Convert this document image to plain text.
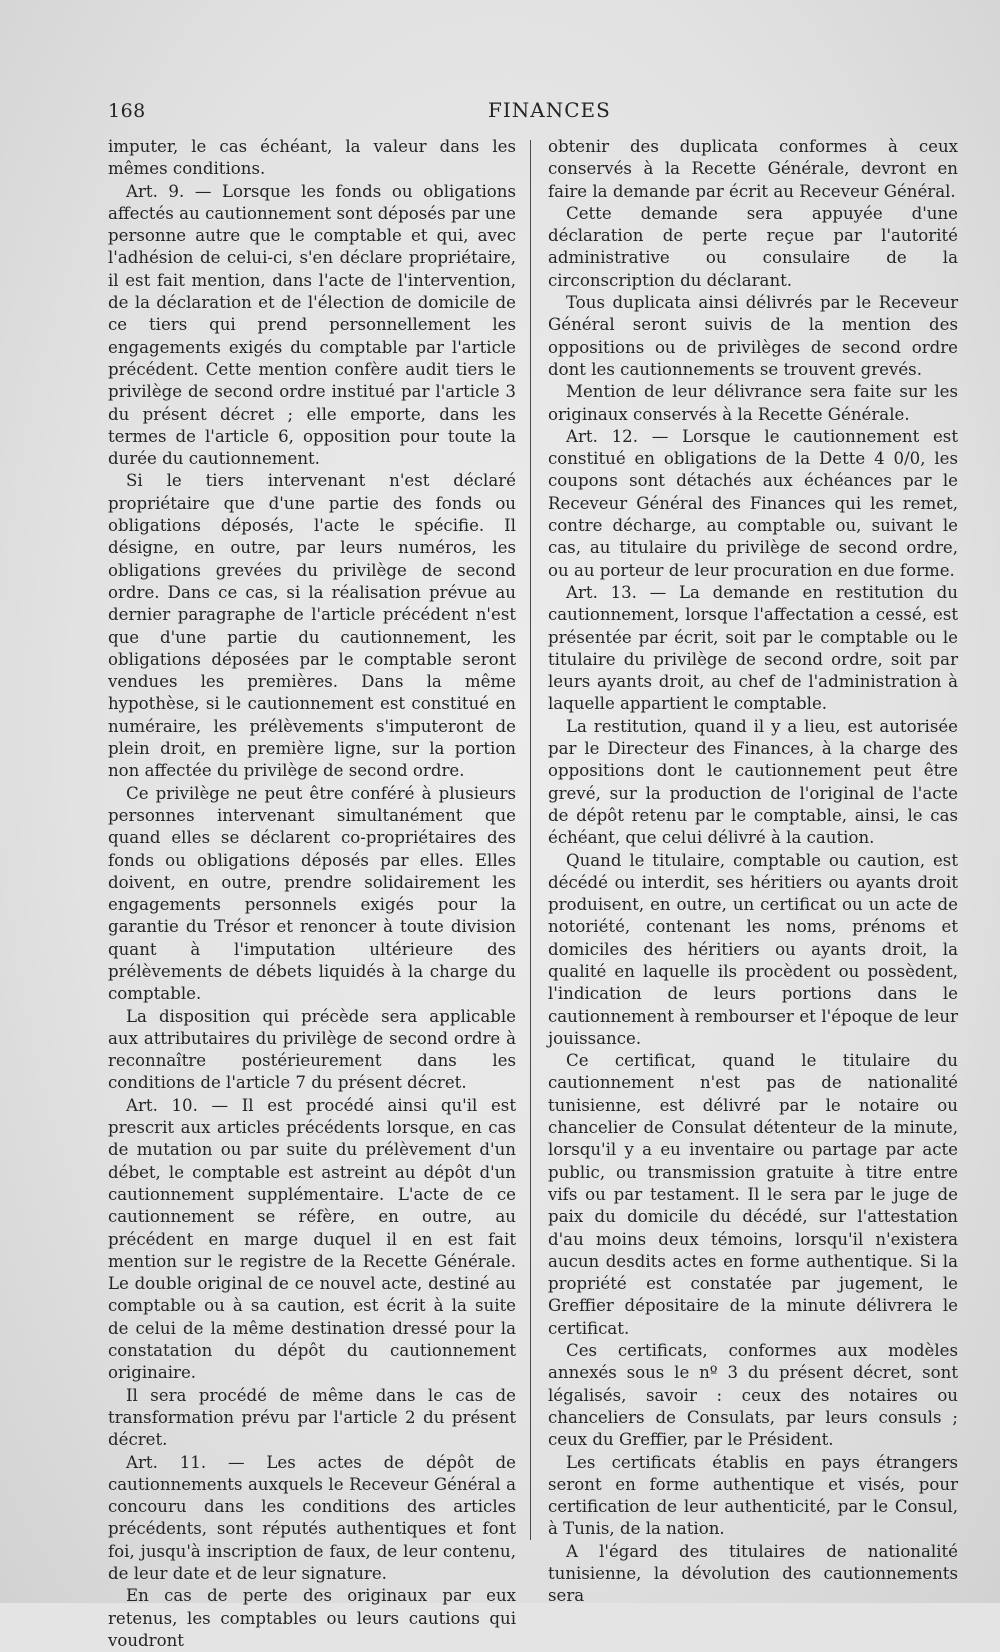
168	FINANCES

imputer, le cas échéant, la valeur dans les mêmes conditions.

Art. 9. — Lorsque les fonds ou obligations affectés au cautionnement sont déposés par une personne autre que le comptable et qui, avec l'adhésion de celui-ci, s'en déclare propriétaire, il est fait mention, dans l'acte de l'intervention, de la déclaration et de l'élection de domicile de ce tiers qui prend personnellement les engagements exigés du comptable par l'article précédent. Cette mention confère audit tiers le privilège de second ordre institué par l'article 3 du présent décret ; elle emporte, dans les termes de l'article 6, opposition pour toute la durée du cautionnement.

Si le tiers intervenant n'est déclaré propriétaire que d'une partie des fonds ou obligations déposés, l'acte le spécifie. Il désigne, en outre, par leurs numéros, les obligations grevées du privilège de second ordre. Dans ce cas, si la réalisation prévue au dernier paragraphe de l'article précédent n'est que d'une partie du cautionnement, les obligations déposées par le comptable seront vendues les premières. Dans la même hypothèse, si le cautionnement est constitué en numéraire, les prélèvements s'imputeront de plein droit, en première ligne, sur la portion non affectée du privilège de second ordre.

Ce privilège ne peut être conféré à plusieurs personnes intervenant simultanément que quand elles se déclarent co-propriétaires des fonds ou obligations déposés par elles. Elles doivent, en outre, prendre solidairement les engagements personnels exigés pour la garantie du Trésor et renoncer à toute division quant à l'imputation ultérieure des prélèvements de débets liquidés à la charge du comptable.

La disposition qui précède sera applicable aux attributaires du privilège de second ordre à reconnaître postérieurement dans les conditions de l'article 7 du présent décret.

Art. 10. — Il est procédé ainsi qu'il est prescrit aux articles précédents lorsque, en cas de mutation ou par suite du prélèvement d'un débet, le comptable est astreint au dépôt d'un cautionnement supplémentaire. L'acte de ce cautionnement se réfère, en outre, au précédent en marge duquel il en est fait mention sur le registre de la Recette Générale. Le double original de ce nouvel acte, destiné au comptable ou à sa caution, est écrit à la suite de celui de la même destination dressé pour la constatation du dépôt du cautionnement originaire.

Il sera procédé de même dans le cas de transformation prévu par l'article 2 du présent décret.

Art. 11. — Les actes de dépôt de cautionnements auxquels le Receveur Général a concouru dans les conditions des articles précédents, sont réputés authentiques et font foi, jusqu'à inscription de faux, de leur contenu, de leur date et de leur signature.

En cas de perte des originaux par eux retenus, les comptables ou leurs cautions qui voudront

obtenir des duplicata conformes à ceux conservés à la Recette Générale, devront en faire la demande par écrit au Receveur Général.

Cette demande sera appuyée d'une déclaration de perte reçue par l'autorité administrative ou consulaire de la circonscription du déclarant.

Tous duplicata ainsi délivrés par le Receveur Général seront suivis de la mention des oppositions ou de privilèges de second ordre dont les cautionnements se trouvent grevés.

Mention de leur délivrance sera faite sur les originaux conservés à la Recette Générale.

Art. 12. — Lorsque le cautionnement est constitué en obligations de la Dette 4 0/0, les coupons sont détachés aux échéances par le Receveur Général des Finances qui les remet, contre décharge, au comptable ou, suivant le cas, au titulaire du privilège de second ordre, ou au porteur de leur procuration en due forme.

Art. 13. — La demande en restitution du cautionnement, lorsque l'affectation a cessé, est présentée par écrit, soit par le comptable ou le titulaire du privilège de second ordre, soit par leurs ayants droit, au chef de l'administration à laquelle appartient le comptable.

La restitution, quand il y a lieu, est autorisée par le Directeur des Finances, à la charge des oppositions dont le cautionnement peut être grevé, sur la production de l'original de l'acte de dépôt retenu par le comptable, ainsi, le cas échéant, que celui délivré à la caution.

Quand le titulaire, comptable ou caution, est décédé ou interdit, ses héritiers ou ayants droit produisent, en outre, un certificat ou un acte de notoriété, contenant les noms, prénoms et domiciles des héritiers ou ayants droit, la qualité en laquelle ils procèdent ou possèdent, l'indication de leurs portions dans le cautionnement à rembourser et l'époque de leur jouissance.

Ce certificat, quand le titulaire du cautionnement n'est pas de nationalité tunisienne, est délivré par le notaire ou chancelier de Consulat détenteur de la minute, lorsqu'il y a eu inventaire ou partage par acte public, ou transmission gratuite à titre entre vifs ou par testament. Il le sera par le juge de paix du domicile du décédé, sur l'attestation d'au moins deux témoins, lorsqu'il n'existera aucun desdits actes en forme authentique. Si la propriété est constatée par jugement, le Greffier dépositaire de la minute délivrera le certificat.

Ces certificats, conformes aux modèles annexés sous le nº 3 du présent décret, sont légalisés, savoir : ceux des notaires ou chanceliers de Consulats, par leurs consuls ; ceux du Greffier, par le Président.

Les certificats établis en pays étrangers seront en forme authentique et visés, pour certification de leur authenticité, par le Consul, à Tunis, de la nation.

A l'égard des titulaires de nationalité tunisienne, la dévolution des cautionnements sera
